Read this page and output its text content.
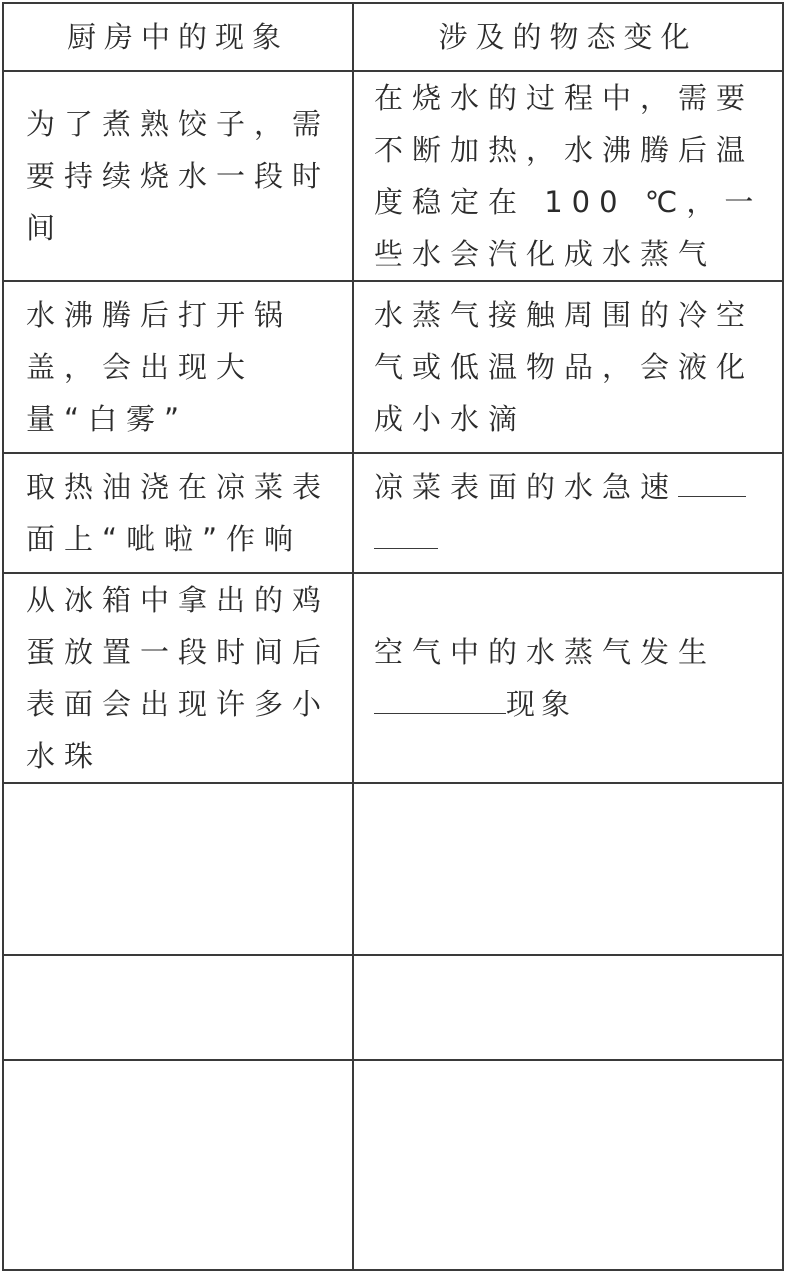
厨房中的现象	涉及的物态变化
为了煮熟饺子，需要持续烧水一段时间	在烧水的过程中，需要不断加热，水沸腾后温度稳定在 100 ℃，一些水会汽化成水蒸气
水沸腾后打开锅盖，会出现大量“白雾”	水蒸气接触周围的冷空气或低温物品，会液化成小水滴
取热油浇在凉菜表面上“呲啦”作响	凉菜表面的水急速
从冰箱中拿出的鸡蛋放置一段时间后表面会出现许多小水珠	空气中的水蒸气发生现象
